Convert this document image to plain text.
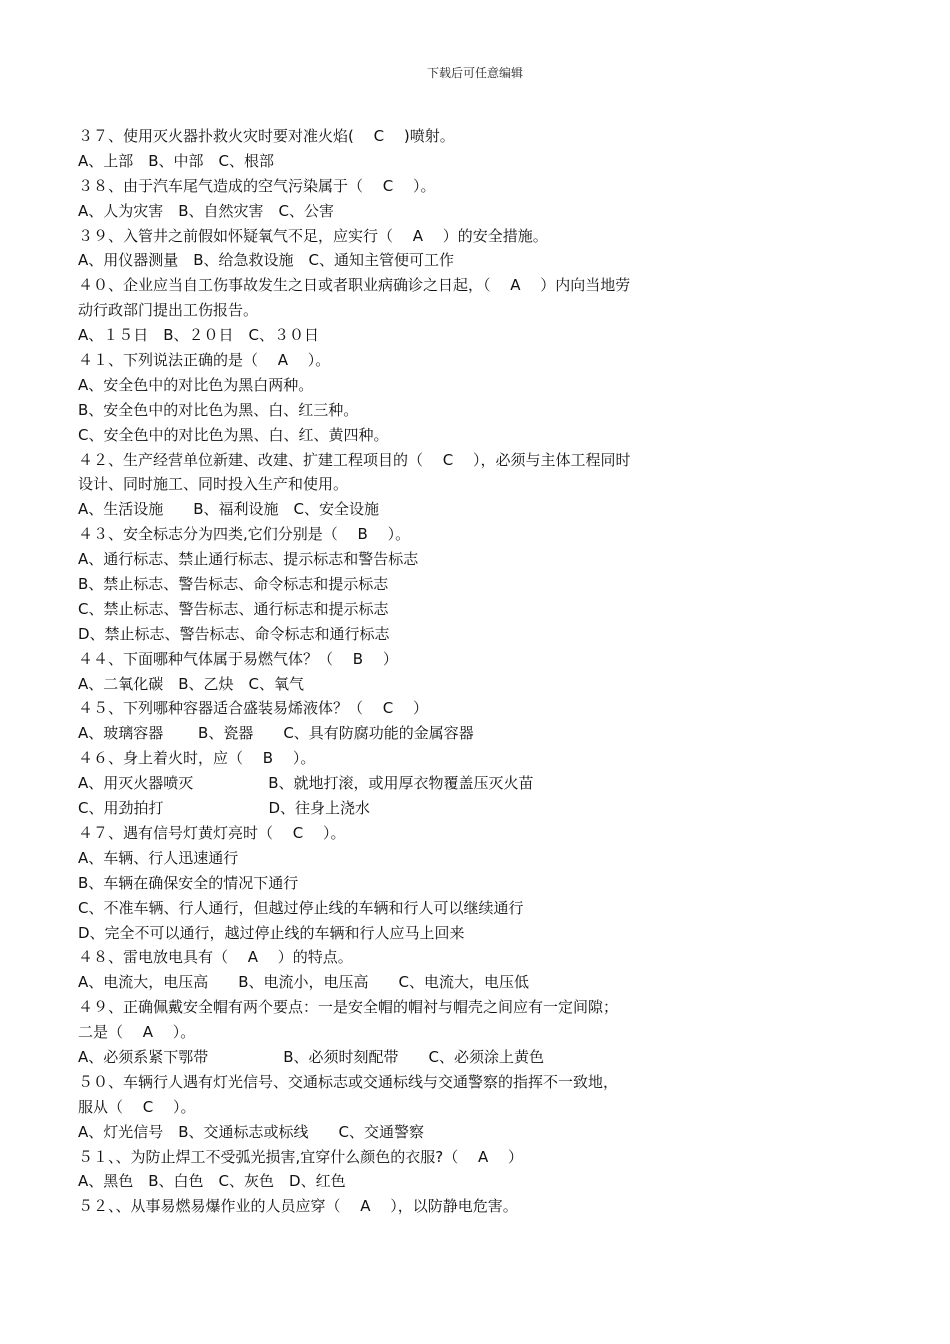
下载后可任意编辑
３７、使用灭火器扑救火灾时要对准火焰(　 C　 )喷射。
A、上部　B、中部　C、根部
３８、由于汽车尾气造成的空气污染属于（　 C　 ）。
A、人为灾害　B、自然灾害　C、公害
３９、入管井之前假如怀疑氧气不足，应实行（　 A　 ）的安全措施。
A、用仪器测量　B、给急救设施　C、通知主管便可工作
４０、企业应当自工伤事故发生之日或者职业病确诊之日起，（　 A　 ）内向当地劳
动行政部门提出工伤报告。
A、１５日　B、２０日　C、３０日
４１、下列说法正确的是（　 A　 ）。
A、安全色中的对比色为黑白两种。
B、安全色中的对比色为黑、白、红三种。
C、安全色中的对比色为黑、白、红、黄四种。
４２、生产经营单位新建、改建、扩建工程项目的（　 C　 ），必须与主体工程同时
设计、同时施工、同时投入生产和使用。
A、生活设施　　B、福利设施　C、安全设施
４３、安全标志分为四类,它们分别是（　 B　 ）。
A、通行标志、禁止通行标志、提示标志和警告标志
B、禁止标志、警告标志、命令标志和提示标志
C、禁止标志、警告标志、通行标志和提示标志
D、禁止标志、警告标志、命令标志和通行标志
４４、下面哪种气体属于易燃气体？（　 B　 ）
A、二氧化碳　B、乙炔　C、氧气
４５、下列哪种容器适合盛装易烯液体？（　 C　 ）
A、玻璃容器　　 B、瓷器　　C、具有防腐功能的金属容器
４６、身上着火时，应（　 B　 ）。
A、用灭火器喷灭　　　　　B、就地打滚，或用厚衣物覆盖压灭火苗
C、用劲拍打　　　　　　　D、往身上浇水
４７、遇有信号灯黄灯亮时（　 C　 ）。
A、车辆、行人迅速通行
B、车辆在确保安全的情况下通行
C、不准车辆、行人通行，但越过停止线的车辆和行人可以继续通行
D、完全不可以通行，越过停止线的车辆和行人应马上回来
４８、雷电放电具有（　 A　 ）的特点。
A、电流大，电压高　　B、电流小，电压高　　C、电流大，电压低
４９、正确佩戴安全帽有两个要点：一是安全帽的帽衬与帽壳之间应有一定间隙；
二是（　 A　 ）。
A、必须系紧下鄂带　　　　　B、必须时刻配带　　C、必须涂上黄色
５０、车辆行人遇有灯光信号、交通标志或交通标线与交通警察的指挥不一致地，
服从（　 C　 ）。
A、灯光信号　B、交通标志或标线　　C、交通警察
５１、、为防止焊工不受弧光损害,宜穿什么颜色的衣服?（　 A　 ）
A、黑色　B、白色　C、灰色　D、红色
５２、、从事易燃易爆作业的人员应穿（　 A　 ），以防静电危害。
